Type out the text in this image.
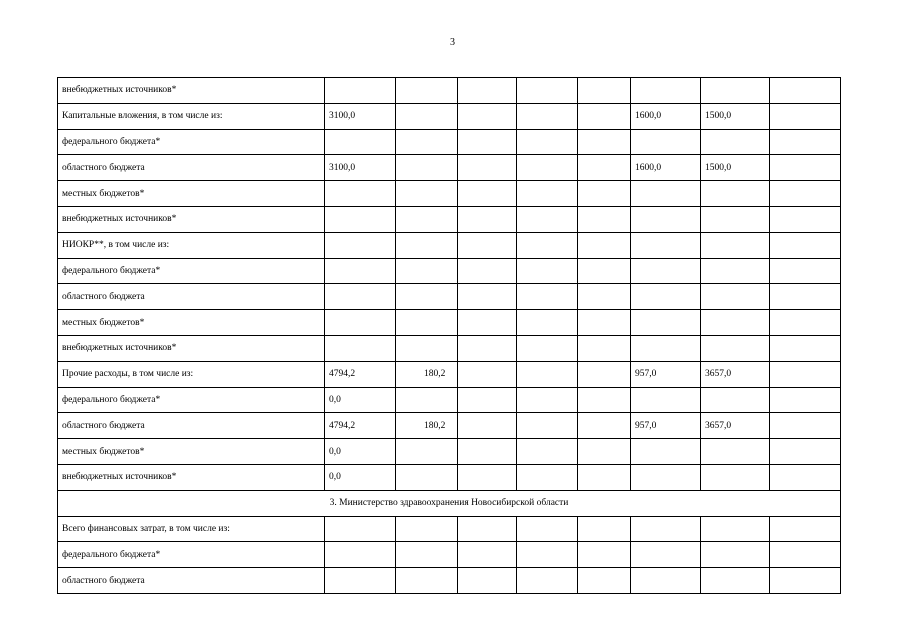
3
внебюджетных источников*								
Капитальные вложения, в том числе из:	3100,0					1600,0	1500,0	
федерального бюджета*								
областного бюджета	3100,0					1600,0	1500,0	
местных бюджетов*								
внебюджетных источников*								
НИОКР**, в том числе из:								
федерального бюджета*								
областного бюджета								
местных бюджетов*								
внебюджетных источников*								
Прочие расходы, в том числе из:	4794,2	180,2				957,0	3657,0	
федерального бюджета*	0,0							
областного бюджета	4794,2	180,2				957,0	3657,0	
местных бюджетов*	0,0							
внебюджетных источников*	0,0							
3. Министерство здравоохранения Новосибирской области								
Всего финансовых затрат, в том числе из:								
федерального бюджета*								
областного бюджета								
